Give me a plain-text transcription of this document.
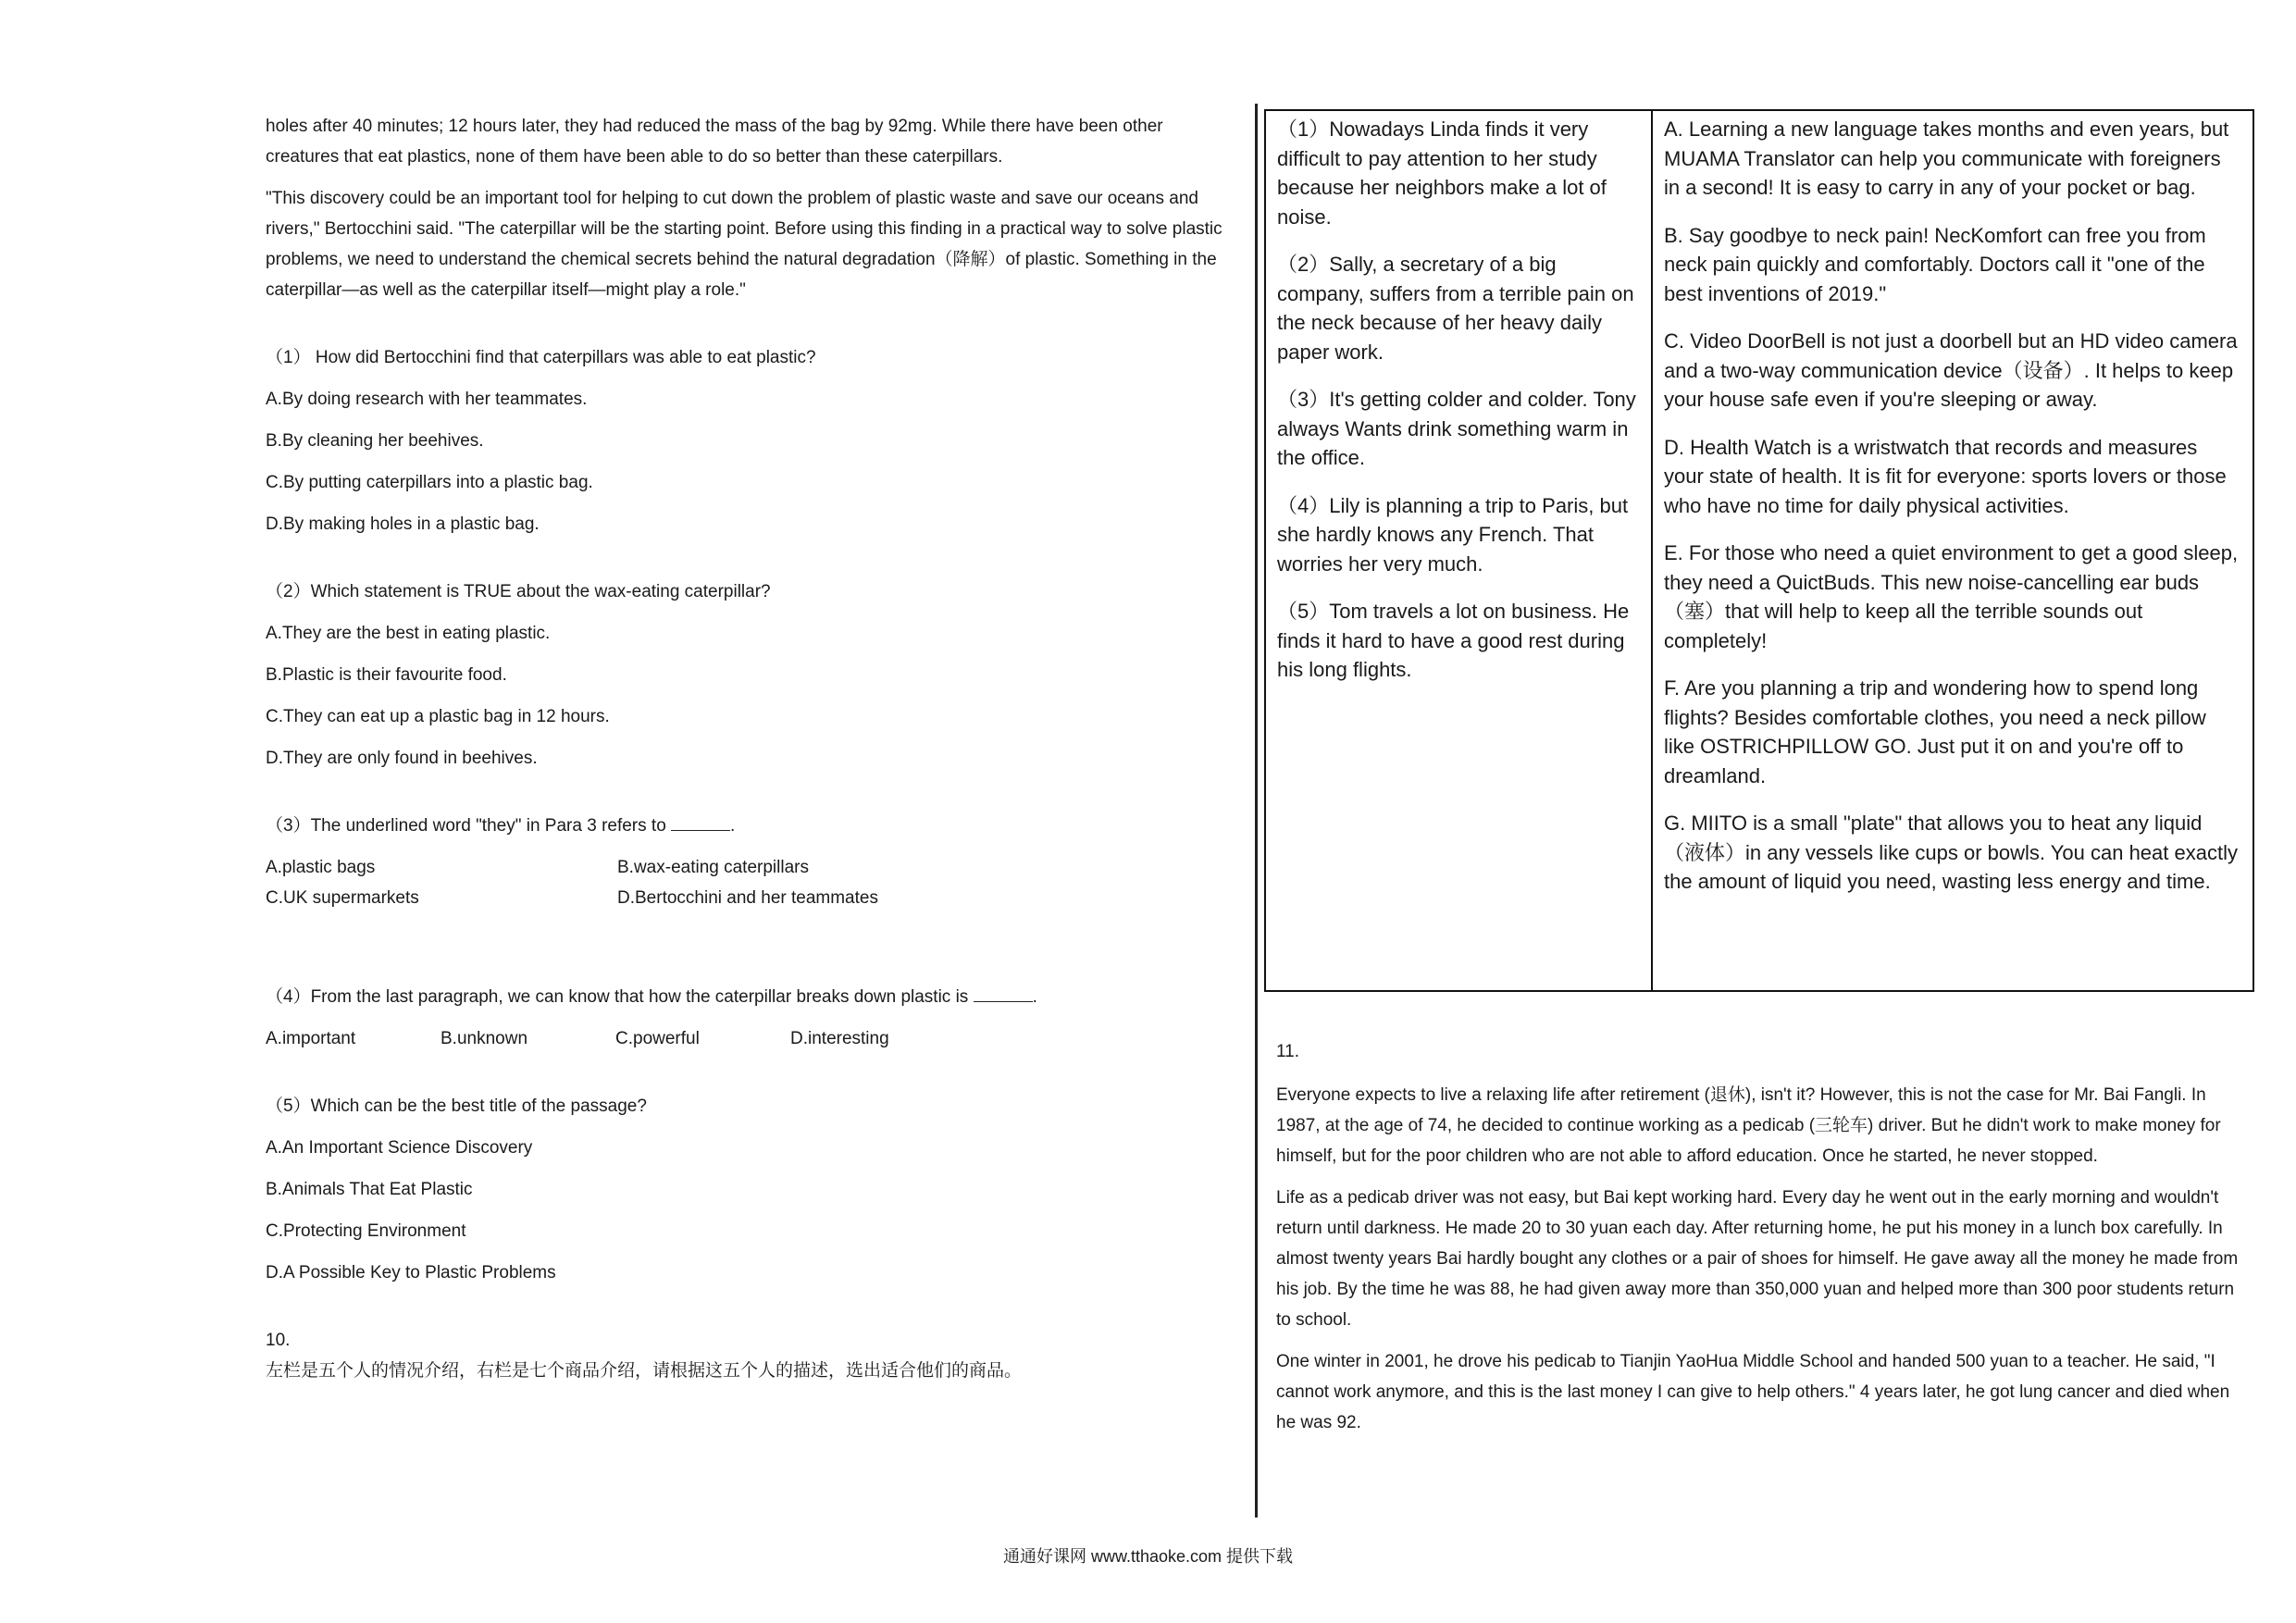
holes after 40 minutes; 12 hours later, they had reduced the mass of the bag by 92mg. While there have been other creatures that eat plastics, none of them have been able to do so better than these caterpillars.

"This discovery could be an important tool for helping to cut down the problem of plastic waste and save our oceans and rivers," Bertocchini said. "The caterpillar will be the starting point. Before using this finding in a practical way to solve plastic problems, we need to understand the chemical secrets behind the natural degradation（降解）of plastic. Something in the caterpillar—as well as the caterpillar itself—might play a role."

（1） How did Bertocchini find that caterpillars was able to eat plastic?

A.By doing research with her teammates.

B.By cleaning her beehives.

C.By putting caterpillars into a plastic bag.

D.By making holes in a plastic bag.

（2）Which statement is TRUE about the wax-eating caterpillar?

A.They are the best in eating plastic.

B.Plastic is their favourite food.

C.They can eat up a plastic bag in 12 hours.

D.They are only found in beehives.

（3）The underlined word "they" in Para 3 refers to	.

A.plastic bags	B.wax-eating caterpillars
C.UK supermarkets	D.Bertocchini and her teammates

（4）From the last paragraph, we can know that how the caterpillar breaks down plastic is	.

A.important	B.unknown	C.powerful	D.interesting

（5）Which can be the best title of the passage?

A.An Important Science Discovery

B.Animals That Eat Plastic

C.Protecting Environment

D.A Possible Key to Plastic Problems

10.

左栏是五个人的情况介绍，右栏是七个商品介绍，请根据这五个人的描述，选出适合他们的商品。

（1）Nowadays Linda finds it very difficult to pay attention to her study because her neighbors make a lot of noise.

（2）Sally, a secretary of a big company, suffers from a terrible pain on the neck because of her heavy daily paper work.

（3）It's getting colder and colder. Tony always Wants drink something warm in the office.

（4）Lily is planning a trip to Paris, but she hardly knows any French. That worries her very much.

（5）Tom travels a lot on business. He finds it hard to have a good rest during his long flights.

A. Learning a new language takes months and even years, but MUAMA Translator can help you communicate with foreigners in a second! It is easy to carry in any of your pocket or bag.

B. Say goodbye to neck pain! NecKomfort can free you from neck pain quickly and comfortably. Doctors call it "one of the best inventions of 2019."

C. Video DoorBell is not just a doorbell but an HD video camera and a two-way communication device（设备）. It helps to keep your house safe even if you're sleeping or away.

D. Health Watch is a wristwatch that records and measures your state of health. It is fit for everyone: sports lovers or those who have no time for daily physical activities.

E. For those who need a quiet environment to get a good sleep, they need a QuictBuds. This new noise-cancelling ear buds（塞）that will help to keep all the terrible sounds out completely!

F. Are you planning a trip and wondering how to spend long flights? Besides comfortable clothes, you need a neck pillow like OSTRICHPILLOW GO. Just put it on and you're off to dreamland.

G. MIITO is a small "plate" that allows you to heat any liquid（液体）in any vessels like cups or bowls. You can heat exactly the amount of liquid you need, wasting less energy and time.

11.

Everyone expects to live a relaxing life after retirement (退休), isn't it? However, this is not the case for Mr. Bai Fangli. In 1987, at the age of 74, he decided to continue working as a pedicab (三轮车) driver. But he didn't work to make money for himself, but for the poor children who are not able to afford education. Once he started, he never stopped.

Life as a pedicab driver was not easy, but Bai kept working hard. Every day he went out in the early morning and wouldn't return until darkness. He made 20 to 30 yuan each day. After returning home, he put his money in a lunch box carefully. In almost twenty years Bai hardly bought any clothes or a pair of shoes for himself. He gave away all the money he made from his job. By the time he was 88, he had given away more than 350,000 yuan and helped more than 300 poor students return to school.

One winter in 2001, he drove his pedicab to Tianjin YaoHua Middle School and handed 500 yuan to a teacher. He said, "I cannot work anymore, and this is the last money I can give to help others." 4 years later, he got lung cancer and died when he was 92.

通通好课网 www.tthaoke.com 提供下载
